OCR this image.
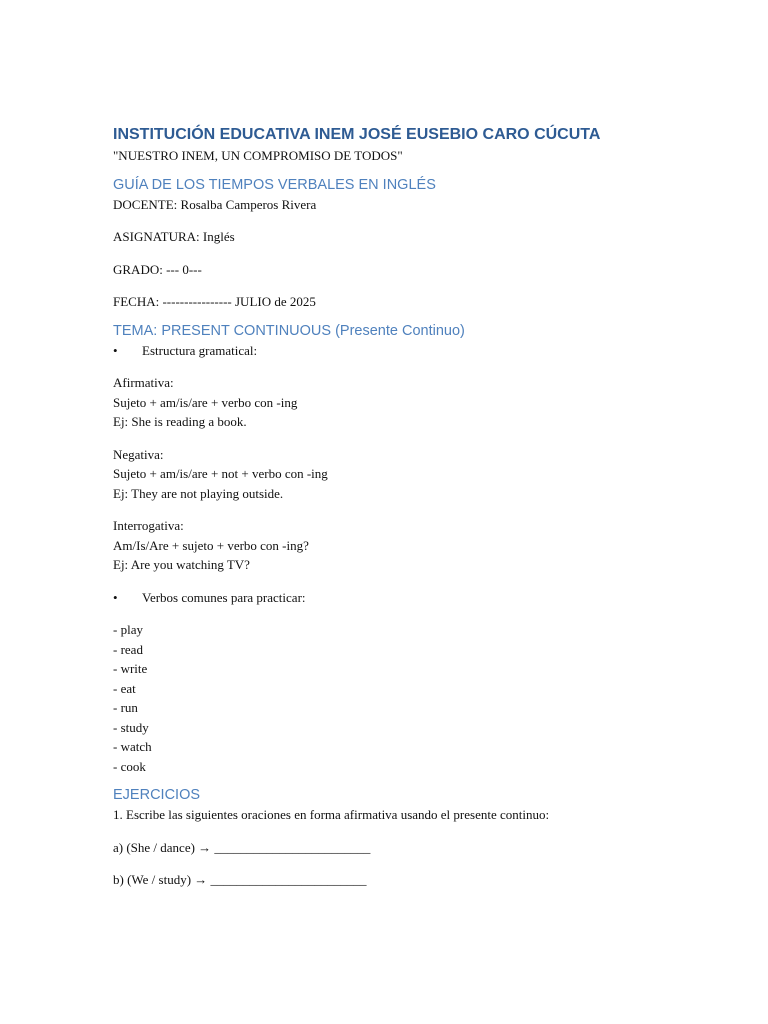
INSTITUCIÓN EDUCATIVA INEM JOSÉ EUSEBIO CARO CÚCUTA

"NUESTRO INEM, UN COMPROMISO DE TODOS"

GUÍA DE LOS TIEMPOS VERBALES EN INGLÉS

DOCENTE: Rosalba Camperos Rivera

ASIGNATURA: Inglés

GRADO: --- 0---

FECHA: ---------------- JULIO de 2025

TEMA: PRESENT CONTINUOUS (Presente Continuo)

• Estructura gramatical:

Afirmativa:

Sujeto + am/is/are + verbo con -ing

Ej: She is reading a book.

Negativa:

Sujeto + am/is/are + not + verbo con -ing

Ej: They are not playing outside.

Interrogativa:

Am/Is/Are + sujeto + verbo con -ing?

Ej: Are you watching TV?

• Verbos comunes para practicar:

- play

- read

- write

- eat

- run

- study

- watch

- cook

EJERCICIOS

1. Escribe las siguientes oraciones en forma afirmativa usando el presente continuo:

a) (She / dance) → ________________________

b) (We / study) → ________________________
